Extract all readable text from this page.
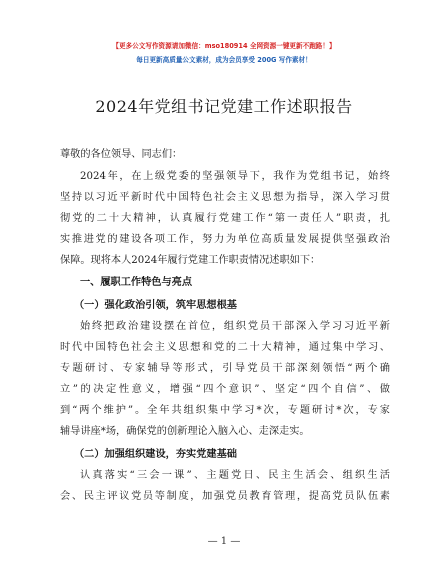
【更多公文写作资源请加微信：mso180914 全网资源一键更新不跑路！】
每日更新高质量公文素材，成为会员享受 200G 写作素材！
2024年党组书记党建工作述职报告
尊敬的各位领导、同志们：
2024年，在上级党委的坚强领导下，我作为党组书记，始终
坚持以习近平新时代中国特色社会主义思想为指导，深入学习贯
彻党的二十大精神，认真履行党建工作“第一责任人”职责，扎
实推进党的建设各项工作，努力为单位高质量发展提供坚强政治
保障。现将本人2024年履行党建工作职责情况述职如下：
一、履职工作特色与亮点
（一）强化政治引领，筑牢思想根基
始终把政治建设摆在首位，组织党员干部深入学习习近平新
时代中国特色社会主义思想和党的二十大精神，通过集中学习、
专题研讨、专家辅导等形式，引导党员干部深刻领悟“两个确
立”的决定性意义，增强“四个意识”、坚定“四个自信”、做
到“两个维护”。全年共组织集中学习*次，专题研讨*次，专家
辅导讲座*场，确保党的创新理论入脑入心、走深走实。
（二）加强组织建设，夯实党建基础
认真落实“三会一课”、主题党日、民主生活会、组织生活
会、民主评议党员等制度，加强党员教育管理，提高党员队伍素
— 1 —
